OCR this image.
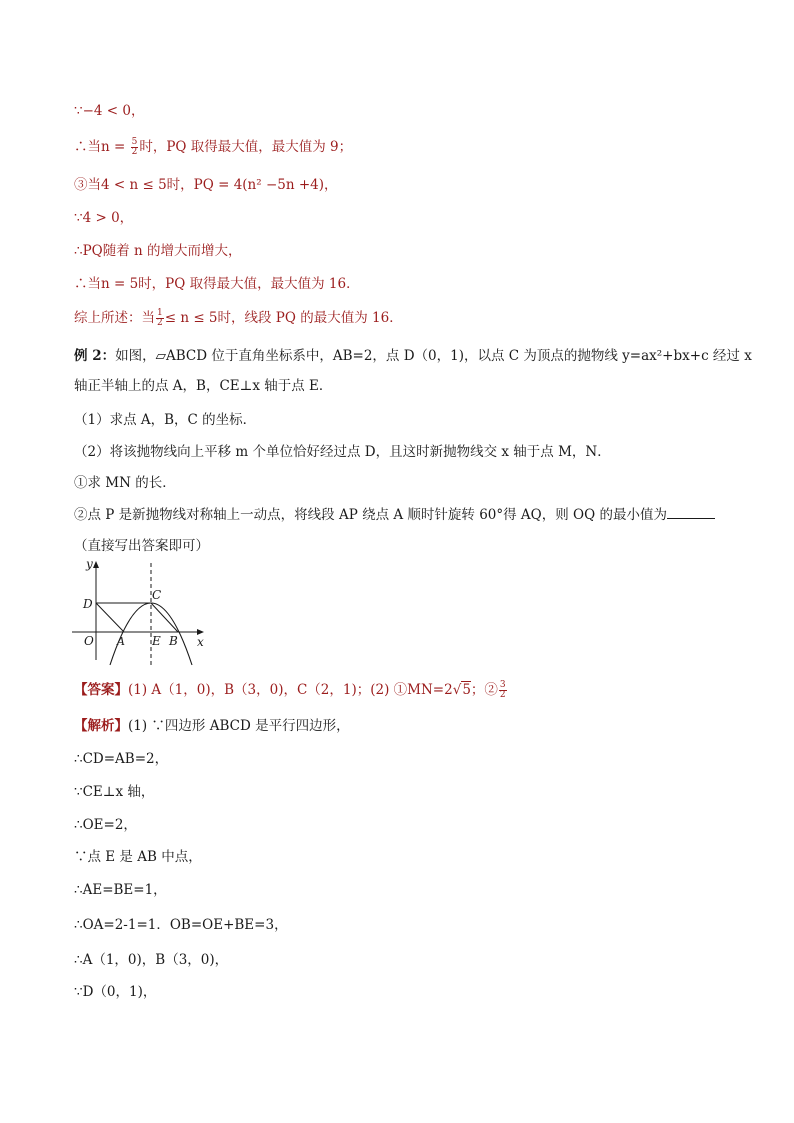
∵−4 < 0，
∴当$n = \frac{5}{2}$ 时，PQ 取得最大值，最大值为 9；
③当4 < n ≤ 5时，PQ = 4(n² −5n +4)，
∵4 > 0，
∴PQ随着 n 的增大而增大，
∴当n = 5时，PQ 取得最大值，最大值为 16．
综上所述：当 $\frac{1}{2} \le n \le 5$时，线段 PQ 的最大值为 16．
例 2：如图，▱ABCD 位于直角坐标系中，AB=2，点 D（0，1)，以点 C 为顶点的抛物线 y=ax²+bx+c 经过 x
轴正半轴上的点 A，B，CE⊥x 轴于点 E．
（1）求点 A，B，C 的坐标．
（2）将该抛物线向上平移 m 个单位恰好经过点 D，且这时新抛物线交 x 轴于点 M，N．
①求 MN 的长．
②点 P 是新抛物线对称轴上一动点，将线段 AP 绕点 A 顺时针旋转 60°得 AQ，则 OQ 的最小值为
（直接写出答案即可）
y
x
D
C
O A E B
【答案】(1) A（1，0)，B（3，0)，C（2，1)；(2) ①MN=2√5；② $\frac{3}{2}$
【解析】(1) ∵四边形 ABCD 是平行四边形，
∴CD=AB=2，
∵CE⊥x 轴，
∴OE=2，
∵点 E 是 AB 中点，
∴AE=BE=1，
∴OA=2-1=1．OB=OE+BE=3，
∴A（1，0)，B（3，0)，
∵D（0，1)，
